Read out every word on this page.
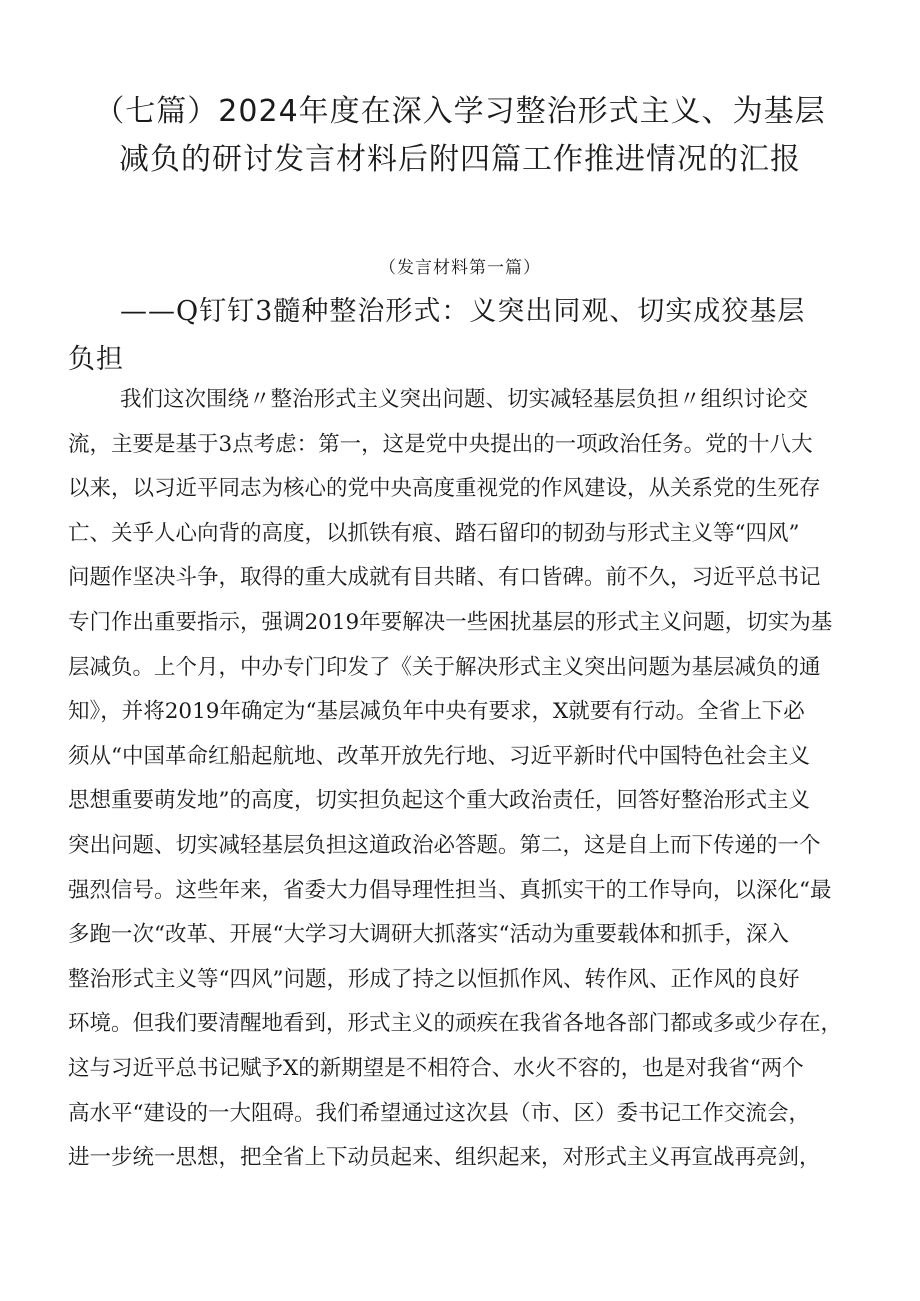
（七篇）2024年度在深入学习整治形式主义、为基层
减负的研讨发言材料后附四篇工作推进情况的汇报
（发言材料第一篇）
——Q钉钉3髓种整治形式：义突出同观、切实成狡基层
负担
我们这次围绕〃整治形式主义突出问题、切实减轻基层负担〃组织讨论交
流，主要是基于3点考虑：第一，这是党中央提出的一项政治任务。党的十八大
以来，以习近平同志为核心的党中央高度重视党的作风建设，从关系党的生死存
亡、关乎人心向背的高度，以抓铁有痕、踏石留印的韧劲与形式主义等“四风”
问题作坚决斗争，取得的重大成就有目共睹、有口皆碑。前不久，习近平总书记
专门作出重要指示，强调2019年要解决一些困扰基层的形式主义问题，切实为基
层减负。上个月，中办专门印发了《关于解决形式主义突出问题为基层减负的通
知》，并将2019年确定为“基层减负年中央有要求，X就要有行动。全省上下必
须从“中国革命红船起航地、改革开放先行地、习近平新时代中国特色社会主义
思想重要萌发地”的高度，切实担负起这个重大政治责任，回答好整治形式主义
突出问题、切实减轻基层负担这道政治必答题。第二，这是自上而下传递的一个
强烈信号。这些年来，省委大力倡导理性担当、真抓实干的工作导向，以深化“最
多跑一次“改革、开展“大学习大调研大抓落实“活动为重要载体和抓手，深入
整治形式主义等“四风”问题，形成了持之以恒抓作风、转作风、正作风的良好
环境。但我们要清醒地看到，形式主义的顽疾在我省各地各部门都或多或少存在，
这与习近平总书记赋予X的新期望是不相符合、水火不容的，也是对我省“两个
高水平“建设的一大阻碍。我们希望通过这次县（市、区）委书记工作交流会，
进一步统一思想，把全省上下动员起来、组织起来，对形式主义再宣战再亮剑，
